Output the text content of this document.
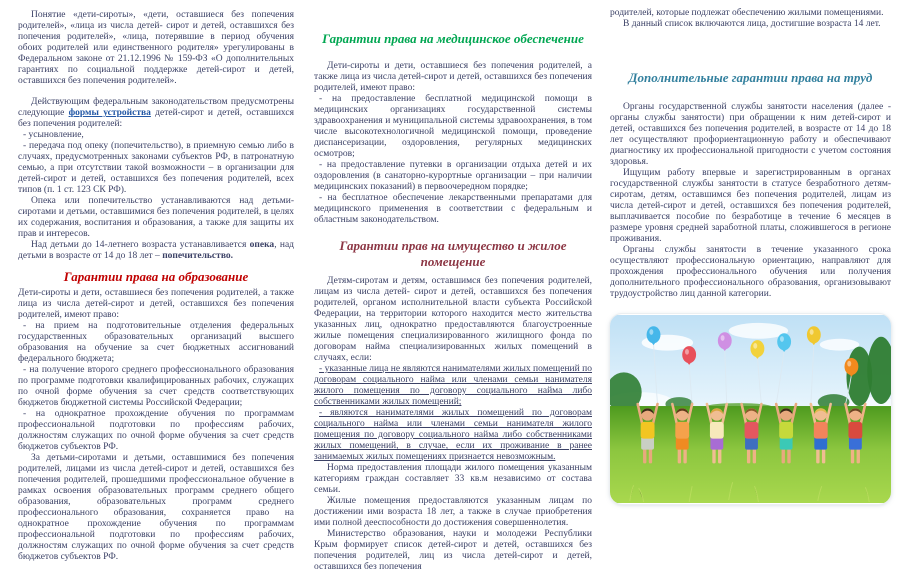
Понятие «дети-сироты», «дети, оставшиеся без попечения родителей», «лица из числа детей- сирот и детей, оставшихся без попечения родителей», «лица, потерявшие в период обучения обоих родителей или единственного родителя» урегулированы в Федеральном законе от 21.12.1996 № 159-ФЗ «О дополнительных гарантиях по социальной поддержке детей-сирот и детей, оставшихся без попечения родителей».

Действующим федеральным законодательством предусмотрены следующие формы устройства детей-сирот и детей, оставшихся без попечения родителей:

- усыновление,

- передача под опеку (попечительство), в приемную семью либо в случаях, предусмотренных законами субъектов РФ, в патронатную семью, а при отсутствии такой возможности – в организации для детей-сирот и детей, оставшихся без попечения родителей, всех типов (п. 1 ст. 123 СК РФ).

Опека или попечительство устанавливаются над детьми-сиротами и детьми, оставшимися без попечения родителей, в целях их содержания, воспитания и образования, а также для защиты их прав и интересов.

Над детьми до 14-летнего возраста устанавливается опека, над детьми в возрасте от 14 до 18 лет – попечительство.

Гарантии права на образование

Дети-сироты и дети, оставшиеся без попечения родителей, а также лица из числа детей-сирот и детей, оставшихся без попечения родителей, имеют право:

- на прием на подготовительные отделения федеральных государственных образовательных организаций высшего образования на обучение за счет бюджетных ассигнований федерального бюджета;

- на получение второго среднего профессионального образования по программе подготовки квалифицированных рабочих, служащих по очной форме обучения за счет средств соответствующих бюджетов бюджетной системы Российской Федерации;

- на однократное прохождение обучения по программам профессиональной подготовки по профессиям рабочих, должностям служащих по очной форме обучения за счет средств бюджетов субъектов РФ.

За детьми-сиротами и детьми, оставшимися без попечения родителей, лицами из числа детей-сирот и детей, оставшихся без попечения родителей, прошедшими профессиональное обучение в рамках освоения образовательных программ среднего общего образования, образовательных программ среднего профессионального образования, сохраняется право на однократное прохождение обучения по программам профессиональной подготовки по профессиям рабочих, должностям служащих по очной форме обучения за счет средств бюджетов субъектов РФ.

Гарантии права на медицинское обеспечение

Дети-сироты и дети, оставшиеся без попечения родителей, а также лица из числа детей-сирот и детей, оставшихся без попечения родителей, имеют право:

- на предоставление бесплатной медицинской помощи в медицинских организациях государственной системы здравоохранения и муниципальной системы здравоохранения, в том числе высокотехнологичной медицинской помощи, проведение диспансеризации, оздоровления, регулярных медицинских осмотров;

- на предоставление путевки в организации отдыха детей и их оздоровления (в санаторно-курортные организации – при наличии медицинских показаний) в первоочередном порядке;

- на бесплатное обеспечение лекарственными препаратами для медицинского применения в соответствии с федеральным и областным законодательством.

Гарантии прав на имущество и жилое помещение

Детям-сиротам и детям, оставшимся без попечения родителей, лицам из числа детей- сирот и детей, оставшихся без попечения родителей, органом исполнительной власти субъекта Российской Федерации, на территории которого находится место жительства указанных лиц, однократно предоставляются благоустроенные жилые помещения специализированного жилищного фонда по договорам найма специализированных жилых помещений в случаях, если:

- указанные лица не являются нанимателями жилых помещений по договорам социального найма или членами семьи нанимателя жилого помещения по договору социального найма либо собственниками жилых помещений;

- являются нанимателями жилых помещений по договорам социального найма или членами семьи нанимателя жилого помещения по договору социального найма либо собственниками жилых помещений, в случае, если их проживание в ранее занимаемых жилых помещениях признается невозможным.

Норма предоставления площади жилого помещения указанным категориям граждан составляет 33 кв.м независимо от состава семьи.

Жилые помещения предоставляются указанным лицам по достижении ими возраста 18 лет, а также в случае приобретения ими полной дееспособности до достижения совершеннолетия.

Министерство образования, науки и молодежи Республики Крым формирует список детей-сирот и детей, оставшихся без попечения родителей, лиц из числа детей-сирот и детей, оставшихся без попечения

родителей, которые подлежат обеспечению жилыми помещениями.

В данный список включаются лица, достигшие возраста 14 лет.

Дополнительные гарантии права на труд

Органы государственной службы занятости населения (далее - органы службы занятости) при обращении к ним детей-сирот и детей, оставшихся без попечения родителей, в возрасте от 14 до 18 лет осуществляют профориентационную работу и обеспечивают диагностику их профессиональной пригодности с учетом состояния здоровья.

Ищущим работу впервые и зарегистрированным в органах государственной службы занятости в статусе безработного детям-сиротам, детям, оставшимся без попечения родителей, лицам из числа детей-сирот и детей, оставшихся без попечения родителей, выплачивается пособие по безработице в течение 6 месяцев в размере уровня средней заработной платы, сложившегося в регионе проживания.

Органы службы занятости в течение указанного срока осуществляют профессиональную ориентацию, направляют для прохождения профессионального обучения или получения дополнительного профессионального образования, организовывают трудоустройство лиц данной категории.
